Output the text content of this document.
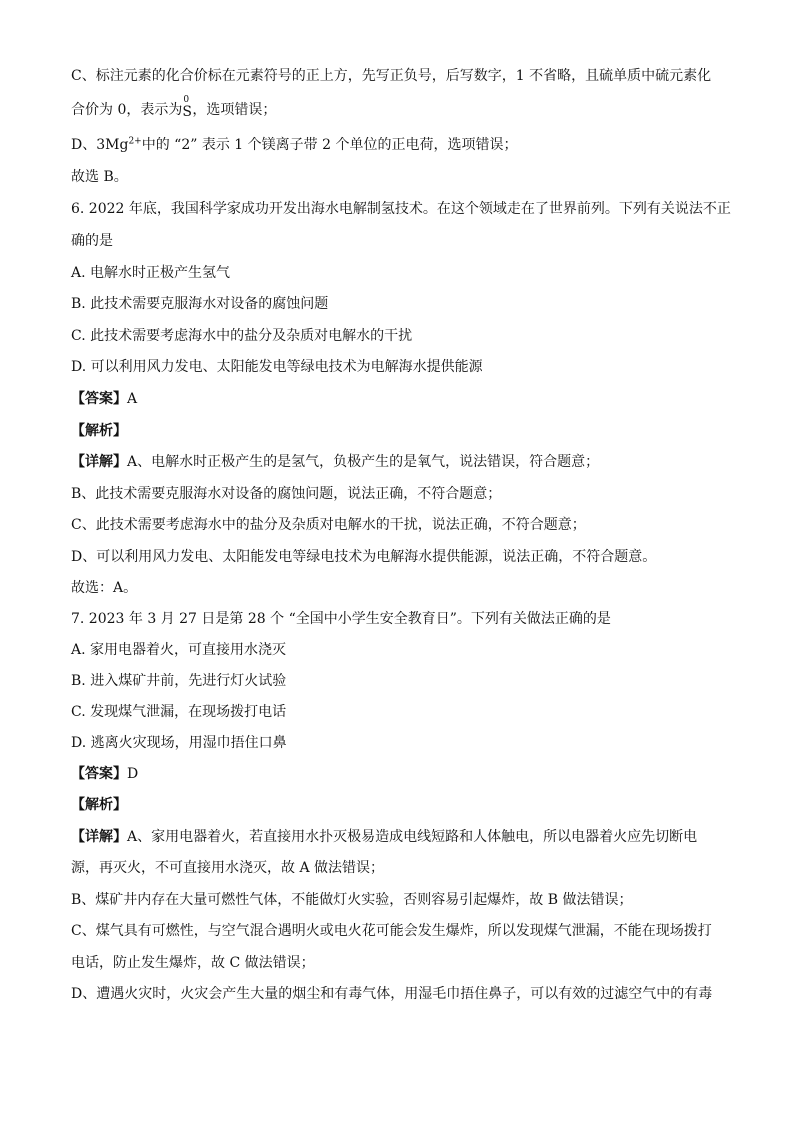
C、标注元素的化合价标在元素符号的正上方，先写正负号，后写数字，1 不省略，且硫单质中硫元素化
合价为 0，表示为
0
S ，选项错误；
D、$3Mg^{2+}$中的 “2” 表示 1 个镁离子带 2 个单位的正电荷，选项错误；
故选 B。
6. 2022 年底，我国科学家成功开发出海水电解制氢技术。在这个领域走在了世界前列。下列有关说法不正
确的是
A. 电解水时正极产生氢气
B. 此技术需要克服海水对设备的腐蚀问题
C. 此技术需要考虑海水中的盐分及杂质对电解水的干扰
D. 可以利用风力发电、太阳能发电等绿电技术为电解海水提供能源
【答案】A
【解析】
【详解】A、电解水时正极产生的是氢气，负极产生的是氧气，说法错误，符合题意；
B、此技术需要克服海水对设备的腐蚀问题，说法正确，不符合题意；
C、此技术需要考虑海水中的盐分及杂质对电解水的干扰，说法正确，不符合题意；
D、可以利用风力发电、太阳能发电等绿电技术为电解海水提供能源，说法正确，不符合题意。
故选：A。
7. 2023 年 3 月 27 日是第 28 个 “全国中小学生安全教育日”。下列有关做法正确的是
A. 家用电器着火，可直接用水浇灭
B. 进入煤矿井前，先进行灯火试验
C. 发现煤气泄漏，在现场拨打电话
D. 逃离火灾现场，用湿巾捂住口鼻
【答案】D
【解析】
【详解】A、家用电器着火，若直接用水扑灭极易造成电线短路和人体触电，所以电器着火应先切断电
源，再灭火，不可直接用水浇灭，故 A 做法错误；
B、煤矿井内存在大量可燃性气体，不能做灯火实验，否则容易引起爆炸，故 B 做法错误；
C、煤气具有可燃性，与空气混合遇明火或电火花可能会发生爆炸，所以发现煤气泄漏，不能在现场拨打
电话，防止发生爆炸，故 C 做法错误；
D、遭遇火灾时，火灾会产生大量的烟尘和有毒气体，用湿毛巾捂住鼻子，可以有效的过滤空气中的有毒
